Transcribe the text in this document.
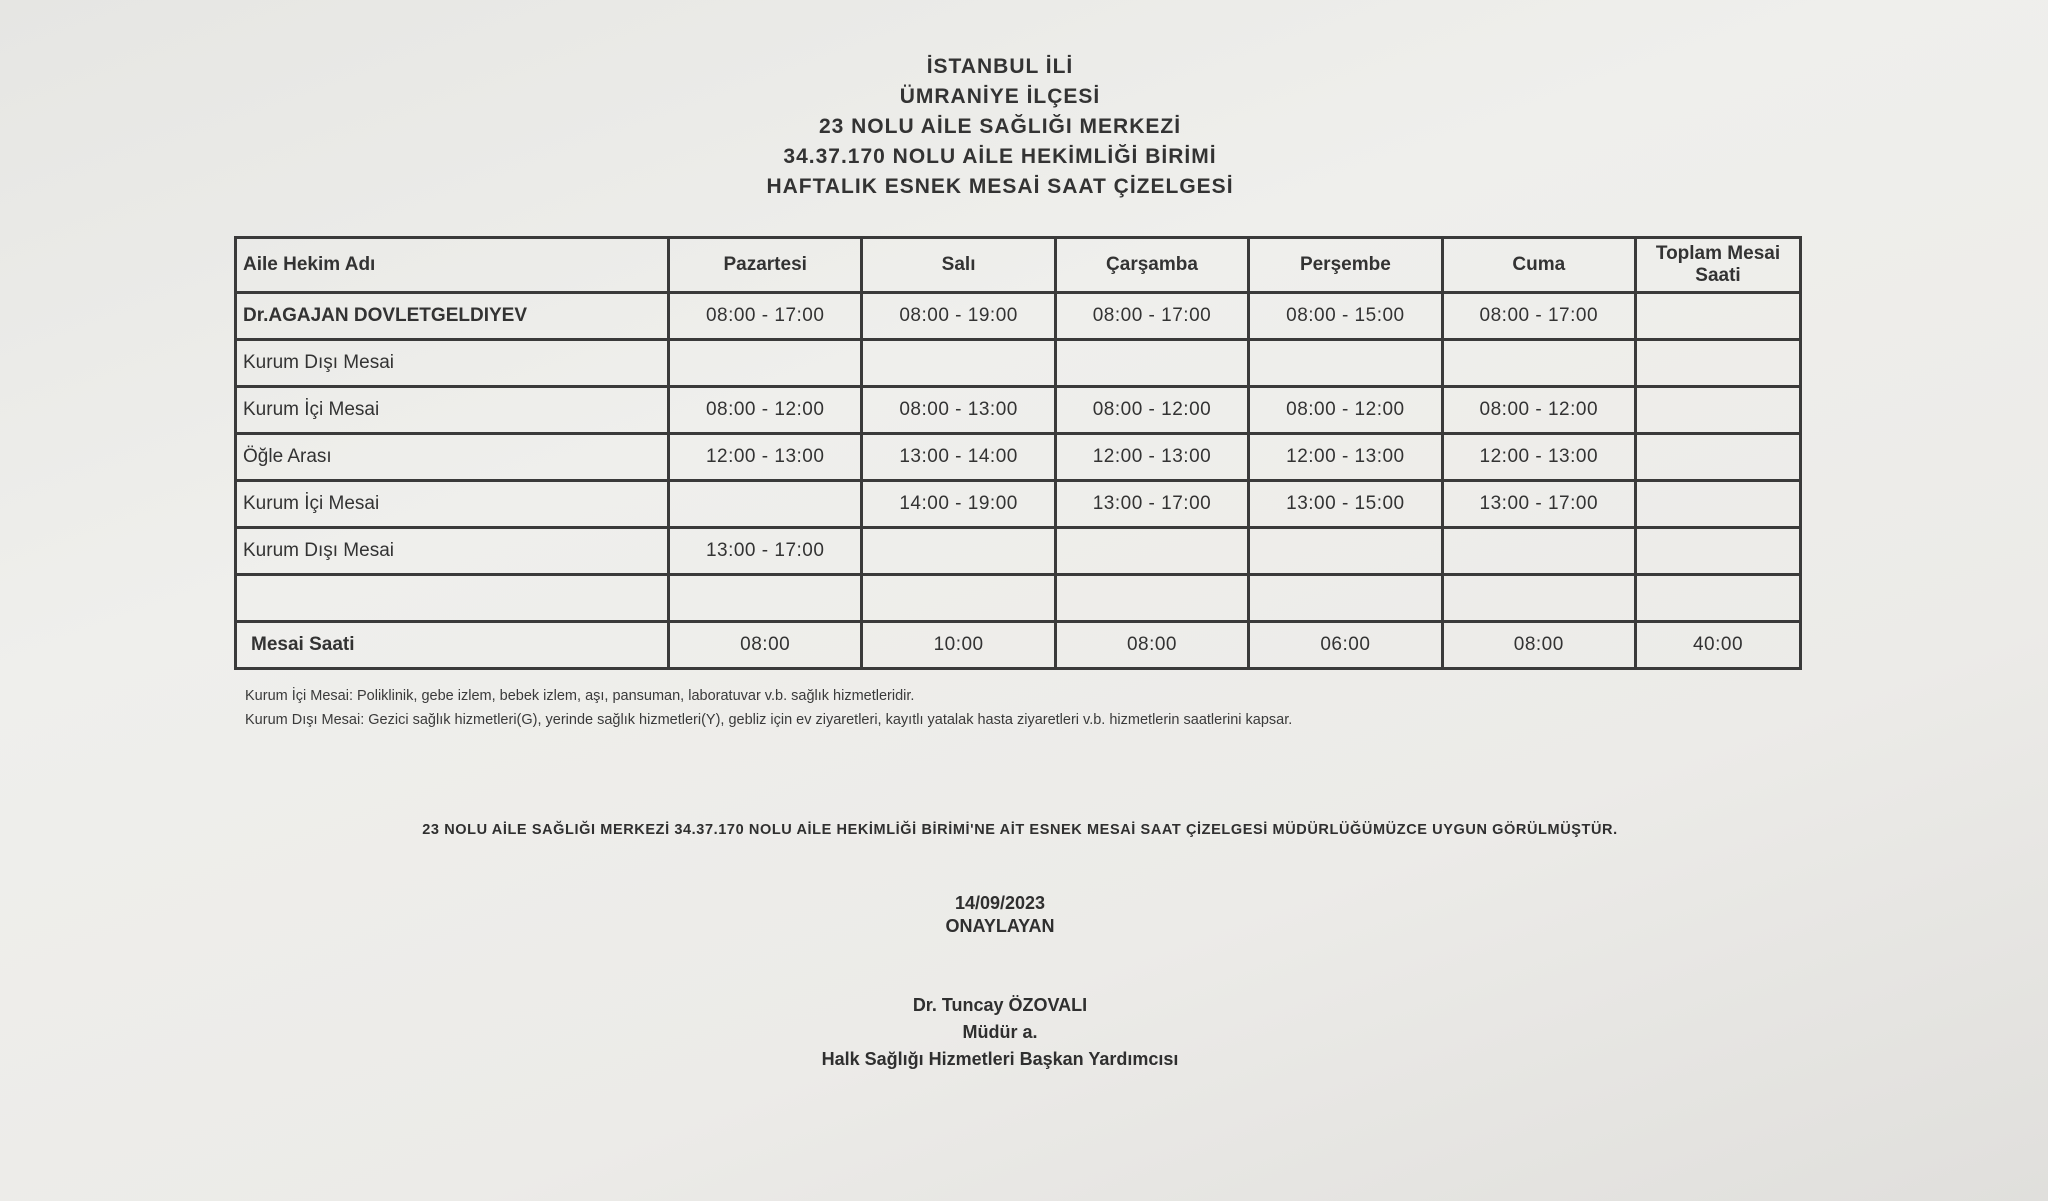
İSTANBUL İLİ
ÜMRANİYE İLÇESİ
23 NOLU AİLE SAĞLIĞI MERKEZİ
34.37.170 NOLU AİLE HEKİMLİĞİ BİRİMİ
HAFTALIK ESNEK MESAİ SAAT ÇİZELGESİ
Aile Hekim Adı	Pazartesi	Salı	Çarşamba	Perşembe	Cuma	Toplam Mesai Saati
Dr.AGAJAN DOVLETGELDIYEV	08:00 - 17:00	08:00 - 19:00	08:00 - 17:00	08:00 - 15:00	08:00 - 17:00	
Kurum Dışı Mesai						
Kurum İçi Mesai	08:00 - 12:00	08:00 - 13:00	08:00 - 12:00	08:00 - 12:00	08:00 - 12:00	
Öğle Arası	12:00 - 13:00	13:00 - 14:00	12:00 - 13:00	12:00 - 13:00	12:00 - 13:00	
Kurum İçi Mesai		14:00 - 19:00	13:00 - 17:00	13:00 - 15:00	13:00 - 17:00	
Kurum Dışı Mesai	13:00 - 17:00					

Mesai Saati	08:00	10:00	08:00	06:00	08:00	40:00
Kurum İçi Mesai: Poliklinik, gebe izlem, bebek izlem, aşı, pansuman, laboratuvar v.b. sağlık hizmetleridir.
Kurum Dışı Mesai: Gezici sağlık hizmetleri(G), yerinde sağlık hizmetleri(Y), gebliz için ev ziyaretleri, kayıtlı yatalak hasta ziyaretleri v.b. hizmetlerin saatlerini kapsar.
23 NOLU AİLE SAĞLIĞI MERKEZİ 34.37.170 NOLU AİLE HEKİMLİĞİ BİRİMİ'NE AİT ESNEK MESAİ SAAT ÇİZELGESİ MÜDÜRLÜĞÜMÜZCE UYGUN GÖRÜLMÜŞTÜR.
14/09/2023
ONAYLAYAN
Dr. Tuncay ÖZOVALI
Müdür a.
Halk Sağlığı Hizmetleri Başkan Yardımcısı
